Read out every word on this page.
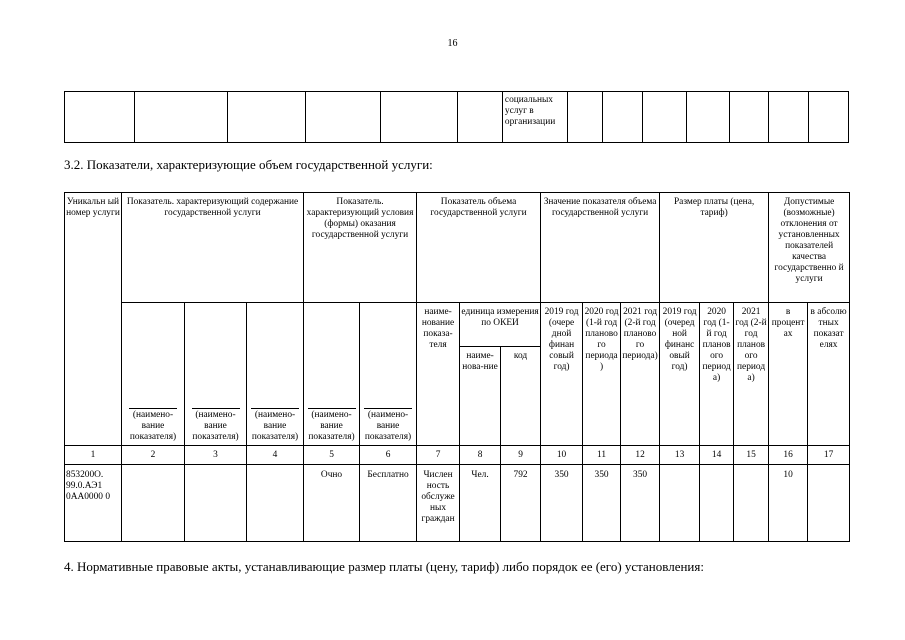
16

социальных
услуг в
организации

3.2. Показатели, характеризующие объем государственной услуги:
Уникальн ый номер услуги	Показатель. характеризующий содержание государственной услуги			Показатель. характеризующий условия (формы) оказания государственной услуги		Показатель объема государственной услуги			Значение показателя объема государственной услуги			Размер платы (цена, тариф)			Допустимые (возможные) отклонения от установленных показателей качества государственно й услуги	

	(наимено-вание показателя)	(наимено-вание показателя)	(наимено-вание показателя)	(наимено-вание показателя)	(наимено-вание показателя)	наиме-нование показа-теля	единица измерения по ОКЕИ		2019 год (очере дной финан совый год)	2020 год (1-й год планово го периода)	2021 год (2-й год планово го периода)	2019 год (очеред ной финанс овый год)	2020 год (1-й год планов ого период а)	2021 год (2-й год планов ого период а)	в процент ах	в абсолю тных показат елях
							наиме-нова-ние	код								
1	2	3	4	5	6	7	8	9	10	11	12	13	14	15	16	17
853200О. 99.0.АЭ1 0АА0000 0				Очно	Бесплатно	Числен ность обслуже ных граждан	Чел.	792	350	350	350				10	
4. Нормативные правовые акты, устанавливающие размер платы (цену, тариф) либо порядок ее (его) установления:
